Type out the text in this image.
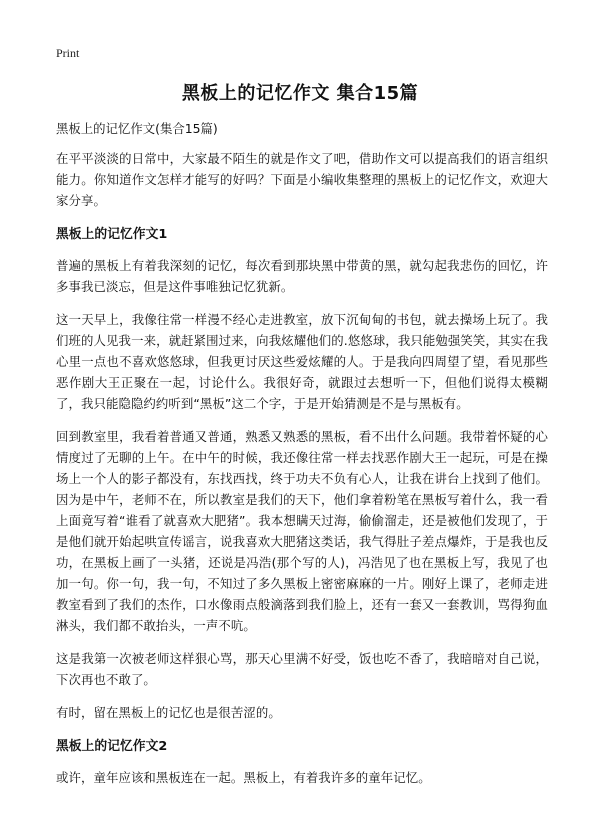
Print
黑板上的记忆作文 集合15篇
黑板上的记忆作文(集合15篇)

在平平淡淡的日常中，大家最不陌生的就是作文了吧，借助作文可以提高我们的语言组织能力。你知道作文怎样才能写的好吗？下面是小编收集整理的黑板上的记忆作文，欢迎大家分享。

黑板上的记忆作文1

普遍的黑板上有着我深刻的记忆，每次看到那块黑中带黄的黑，就勾起我悲伤的回忆，许多事我已淡忘，但是这件事唯独记忆犹新。

这一天早上，我像往常一样漫不经心走进教室，放下沉甸甸的书包，就去操场上玩了。我们班的人见我一来，就赶紧围过来，向我炫耀他们的.悠悠球，我只能勉强笑笑，其实在我心里一点也不喜欢悠悠球，但我更讨厌这些爱炫耀的人。于是我向四周望了望，看见那些恶作剧大王正聚在一起，讨论什么。我很好奇，就跟过去想听一下，但他们说得太模糊了，我只能隐隐约约听到“黑板”这二个字，于是开始猜测是不是与黑板有。

回到教室里，我看着普通又普通，熟悉又熟悉的黑板，看不出什么问题。我带着怀疑的心情度过了无聊的上午。在中午的时候，我还像往常一样去找恶作剧大王一起玩，可是在操场上一个人的影子都没有，东找西找，终于功夫不负有心人，让我在讲台上找到了他们。因为是中午，老师不在，所以教室是我们的天下，他们拿着粉笔在黑板写着什么，我一看上面竟写着“谁看了就喜欢大肥猪”。我本想瞒天过海，偷偷溜走，还是被他们发现了，于是他们就开始起哄宣传谣言，说我喜欢大肥猪这类话，我气得肚子差点爆炸，于是我也反功，在黑板上画了一头猪，还说是冯浩(那个写的人)，冯浩见了也在黑板上写，我见了也加一句。你一句，我一句，不知过了多久黑板上密密麻麻的一片。刚好上课了，老师走进教室看到了我们的杰作，口水像雨点般滴落到我们脸上，还有一套又一套教训，骂得狗血淋头，我们都不敢抬头，一声不吭。

这是我第一次被老师这样狠心骂，那天心里满不好受，饭也吃不香了，我暗暗对自己说，下次再也不敢了。

有时，留在黑板上的记忆也是很苦涩的。

黑板上的记忆作文2

或许，童年应该和黑板连在一起。黑板上，有着我许多的童年记忆。
